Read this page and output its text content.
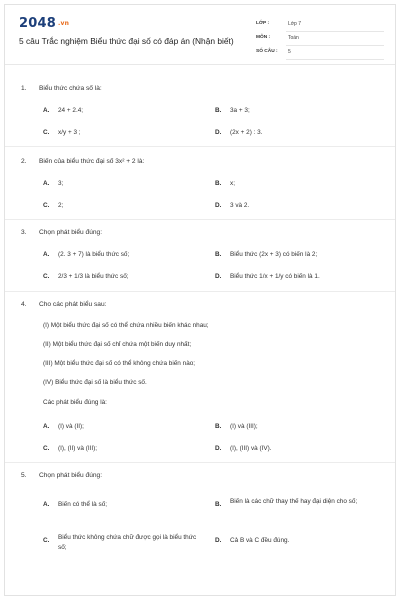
2048 .vn
5 câu Trắc nghiệm Biểu thức đại số có đáp án (Nhận biết)
LỚP :	Lớp 7
MÔN :	Toán
SỐ CÂU : 5
1. Biểu thức chứa số là:
A. 24 + 2.4;	B. 3a + 3;
C. x/y + 3 ;	D. (2x + 2) : 3.
2. Biến của biểu thức đại số 3x² + 2 là:
A. 3;	B. x;
C. 2;	D. 3 và 2.
3. Chọn phát biểu đúng:
A. (2. 3 + 7) là biểu thức số;	B. Biểu thức (2x + 3) có biến là 2;
C. 2/3 + 1/3 là biểu thức số;	D. Biểu thức 1/x + 1/y có biến là 1.
4. Cho các phát biểu sau:
(I) Một biểu thức đại số có thể chứa nhiều biến khác nhau;
(II) Một biểu thức đại số chỉ chứa một biến duy nhất;
(III) Một biểu thức đại số có thể không chứa biến nào;
(IV) Biểu thức đại số là biểu thức số.
Các phát biểu đúng là:
A. (I) và (II);	B. (I) và (III);
C. (I), (II) và (III);	D. (I), (III) và (IV).
5. Chọn phát biểu đúng:
A. Biến có thể là số;	B. Biến là các chữ thay thế hay đại diện cho số;
C. Biểu thức không chứa chữ được gọi là biểu thức số;
D. Cả B và C đều đúng.
